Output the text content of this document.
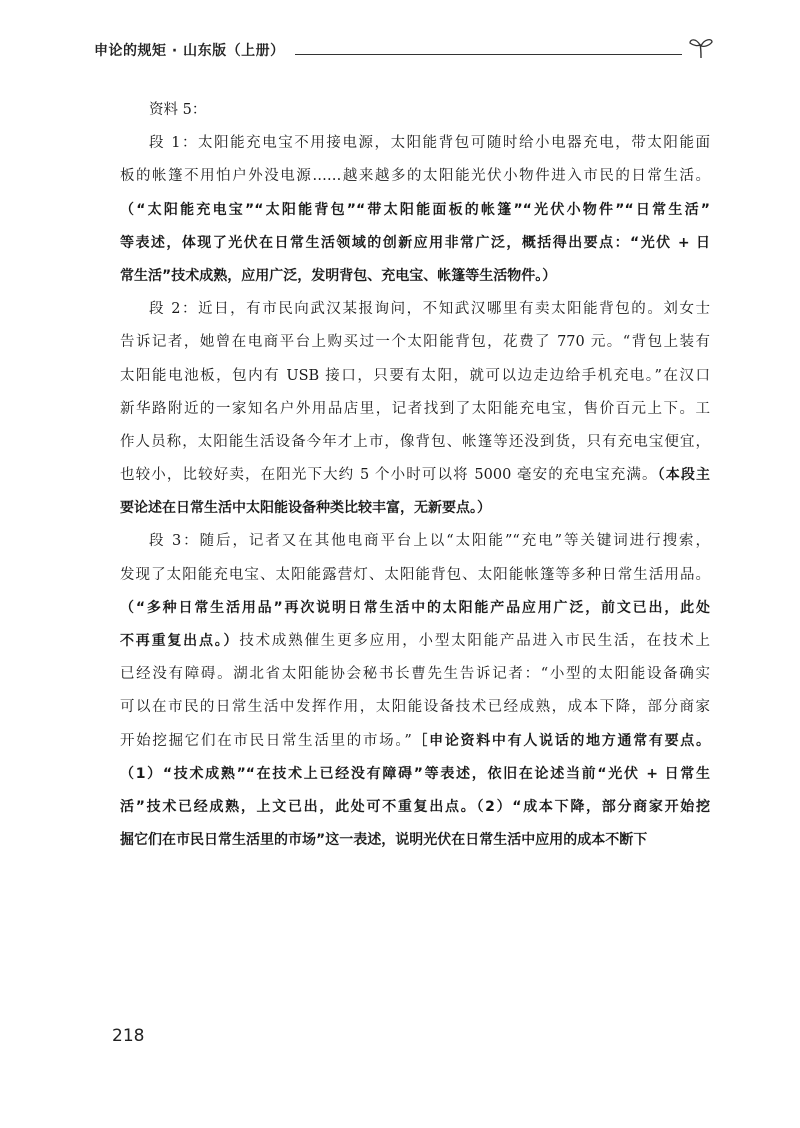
申论的规矩 · 山东版（上册）
资料 5：
段 1：太阳能充电宝不用接电源，太阳能背包可随时给小电器充电，带太阳能面
板的帐篷不用怕户外没电源……越来越多的太阳能光伏小物件进入市民的日常生活。
（“太阳能充电宝”“太阳能背包”“带太阳能面板的帐篷”“光伏小物件”“日常生活”
等表述，体现了光伏在日常生活领域的创新应用非常广泛，概括得出要点：“光伏 + 日
常生活”技术成熟，应用广泛，发明背包、充电宝、帐篷等生活物件。）
段 2：近日，有市民向武汉某报询问，不知武汉哪里有卖太阳能背包的。刘女士
告诉记者，她曾在电商平台上购买过一个太阳能背包，花费了 770 元。“背包上装有
太阳能电池板，包内有 USB 接口，只要有太阳，就可以边走边给手机充电。”在汉口
新华路附近的一家知名户外用品店里，记者找到了太阳能充电宝，售价百元上下。工
作人员称，太阳能生活设备今年才上市，像背包、帐篷等还没到货，只有充电宝便宜，
也较小，比较好卖，在阳光下大约 5 个小时可以将 5000 毫安的充电宝充满。（本段主
要论述在日常生活中太阳能设备种类比较丰富，无新要点。）
段 3：随后，记者又在其他电商平台上以“太阳能”“充电”等关键词进行搜索，
发现了太阳能充电宝、太阳能露营灯、太阳能背包、太阳能帐篷等多种日常生活用品。
（“多种日常生活用品”再次说明日常生活中的太阳能产品应用广泛，前文已出，此处
不再重复出点。）技术成熟催生更多应用，小型太阳能产品进入市民生活，在技术上
已经没有障碍。湖北省太阳能协会秘书长曹先生告诉记者：“小型的太阳能设备确实
可以在市民的日常生活中发挥作用，太阳能设备技术已经成熟，成本下降，部分商家
开始挖掘它们在市民日常生活里的市场。”［申论资料中有人说话的地方通常有要点。
（1）“技术成熟”“在技术上已经没有障碍”等表述，依旧在论述当前“光伏 + 日常生
活”技术已经成熟，上文已出，此处可不重复出点。（2）“成本下降，部分商家开始挖
掘它们在市民日常生活里的市场”这一表述，说明光伏在日常生活中应用的成本不断下
218
